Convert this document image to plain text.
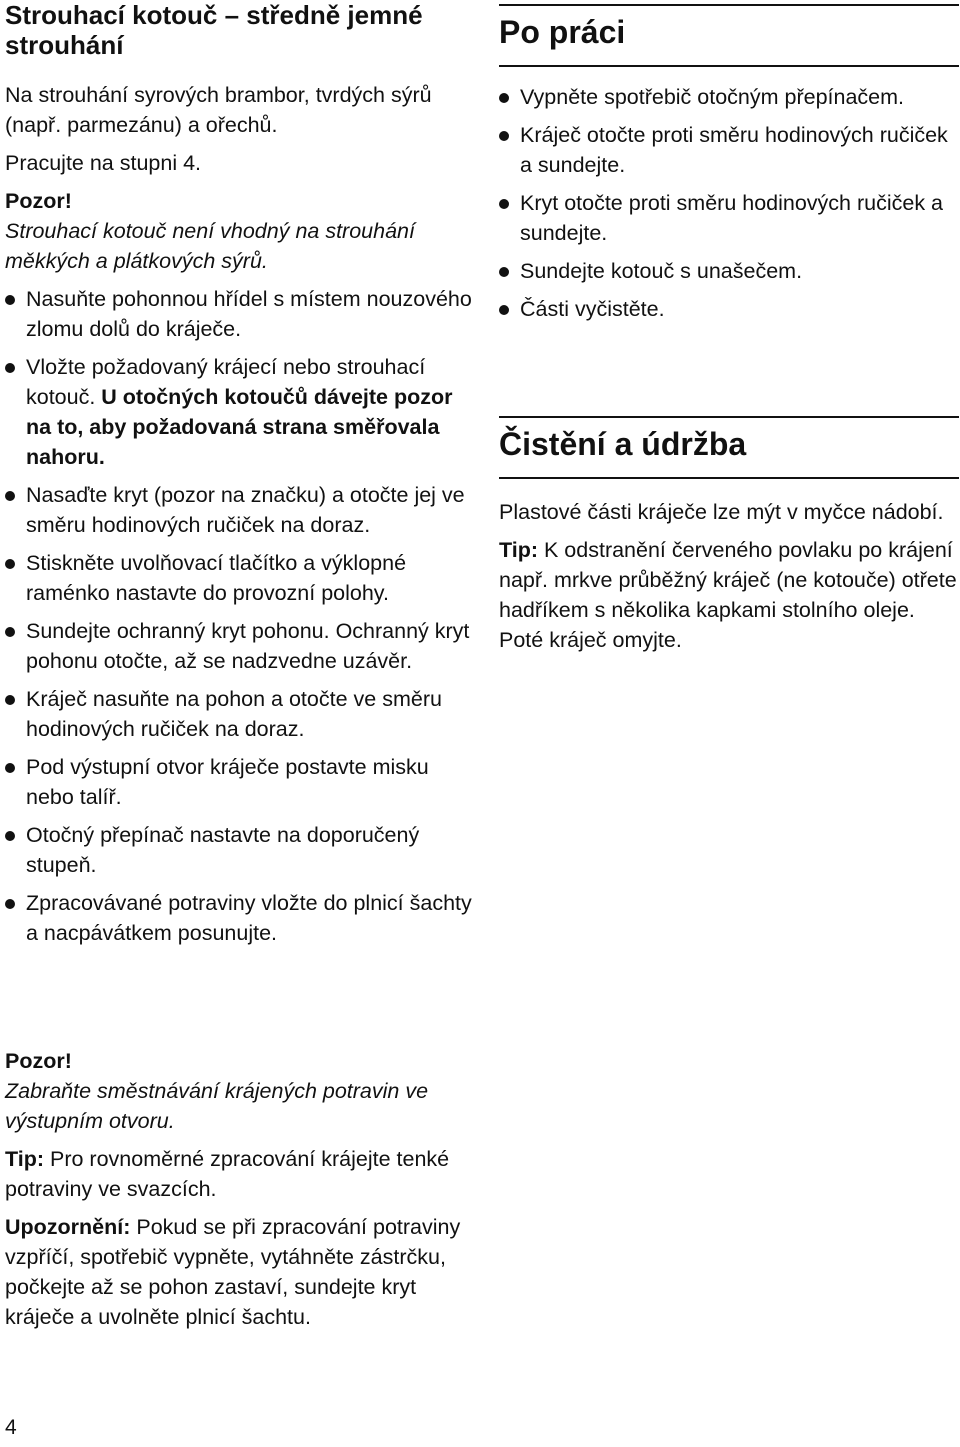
Strouhací kotouč – středně jemné strouhání

Na strouhání syrových brambor, tvrdých sýrů (např. parmezánu) a ořechů.

Pracujte na stupni 4.

Pozor!

Strouhací kotouč není vhodný na strouhání měkkých a plátkových sýrů.

Nasuňte pohonnou hřídel s místem nouzového zlomu dolů do kráječe.
Vložte požadovaný krájecí nebo strouhací kotouč. U otočných kotoučů dávejte pozor na to, aby požadovaná strana směřovala nahoru.
Nasaďte kryt (pozor na značku) a otočte jej ve směru hodinových ručiček na doraz.
Stiskněte uvolňovací tlačítko a výklopné raménko nastavte do provozní polohy.
Sundejte ochranný kryt pohonu. Ochranný kryt pohonu otočte, až se nadzvedne uzávěr.
Kráječ nasuňte na pohon a otočte ve směru hodinových ručiček na doraz.
Pod výstupní otvor kráječe postavte misku nebo talíř.
Otočný přepínač nastavte na doporučený stupeň.
Zpracovávané potraviny vložte do plnicí šachty a nacpávátkem posunujte.

Pozor!

Zabraňte směstnávání krájených potravin ve výstupním otvoru.

Tip: Pro rovnoměrné zpracování krájejte tenké potraviny ve svazcích.

Upozornění: Pokud se při zpracování potraviny vzpříčí, spotřebič vypněte, vytáhněte zástrčku, počkejte až se pohon zastaví, sundejte kryt kráječe a uvolněte plnicí šachtu.

Po práci
Vypněte spotřebič otočným přepínačem.
Kráječ otočte proti směru hodinových ručiček a sundejte.
Kryt otočte proti směru hodinových ručiček a sundejte.
Sundejte kotouč s unašečem.
Části vyčistěte.
Čistění a údržba

Plastové části kráječe lze mýt v myčce nádobí.

Tip: K odstranění červeného povlaku po krájení např. mrkve průběžný kráječ (ne kotouče) otřete hadříkem s několika kapkami stolního oleje. Poté kráječ omyjte.

4
